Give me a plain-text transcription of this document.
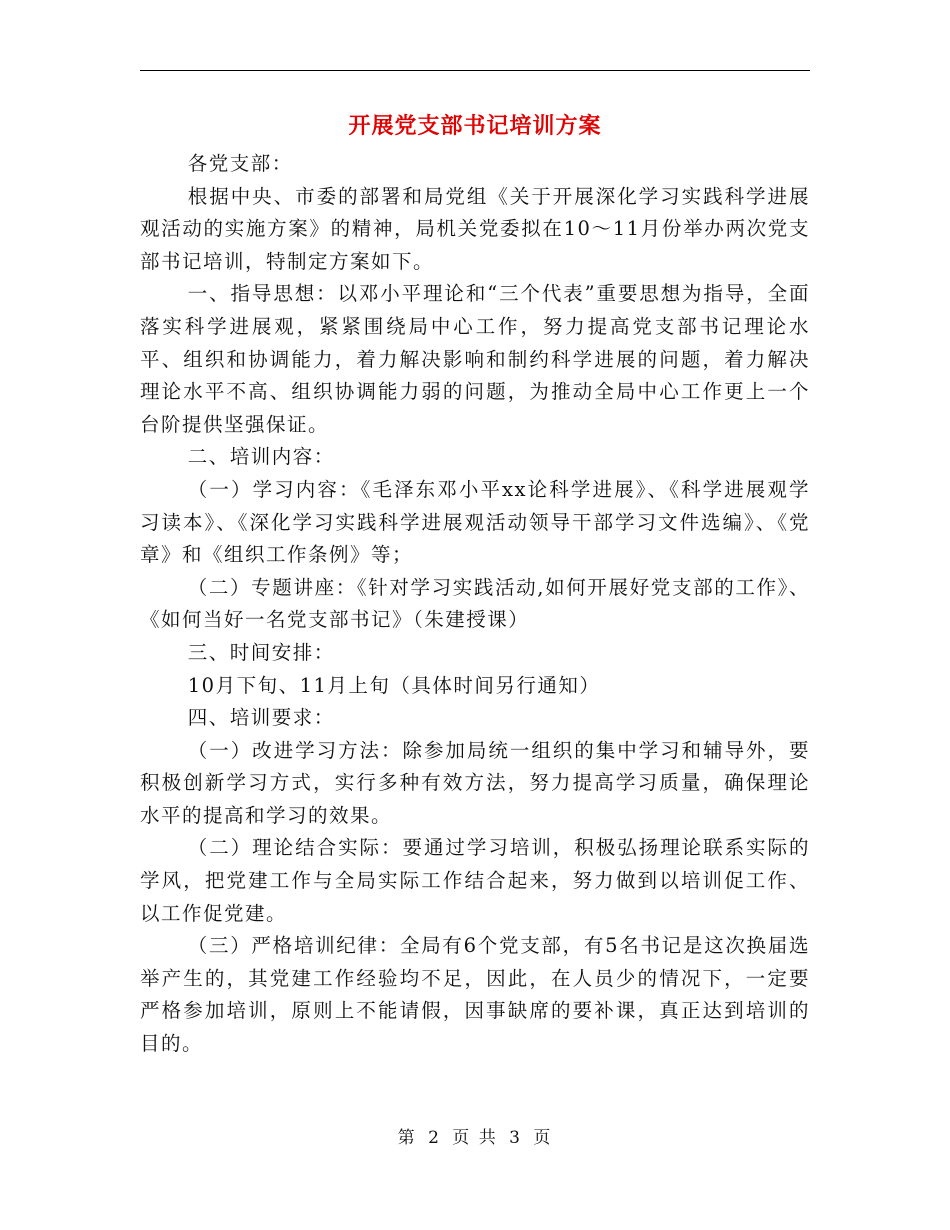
开展党支部书记培训方案

各党支部：

根据中央、市委的部署和局党组《关于开展深化学习实践科学进展观活动的实施方案》的精神，局机关党委拟在10～11月份举办两次党支部书记培训，特制定方案如下。

一、指导思想：以邓小平理论和“三个代表”重要思想为指导，全面落实科学进展观，紧紧围绕局中心工作，努力提高党支部书记理论水平、组织和协调能力，着力解决影响和制约科学进展的问题，着力解决理论水平不高、组织协调能力弱的问题，为推动全局中心工作更上一个台阶提供坚强保证。

二、培训内容：

（一）学习内容：《毛泽东邓小平xx论科学进展》、《科学进展观学习读本》、《深化学习实践科学进展观活动领导干部学习文件选编》、《党章》和《组织工作条例》等；

（二）专题讲座：《针对学习实践活动,如何开展好党支部的工作》、《如何当好一名党支部书记》（朱建授课）

三、时间安排：

10月下旬、11月上旬（具体时间另行通知）

四、培训要求：

（一）改进学习方法：除参加局统一组织的集中学习和辅导外，要积极创新学习方式，实行多种有效方法，努力提高学习质量，确保理论水平的提高和学习的效果。

（二）理论结合实际：要通过学习培训，积极弘扬理论联系实际的学风，把党建工作与全局实际工作结合起来，努力做到以培训促工作、以工作促党建。

（三）严格培训纪律：全局有6个党支部，有5名书记是这次换届选举产生的，其党建工作经验均不足，因此，在人员少的情况下，一定要严格参加培训，原则上不能请假，因事缺席的要补课，真正达到培训的目的。

第 2 页 共 3 页
